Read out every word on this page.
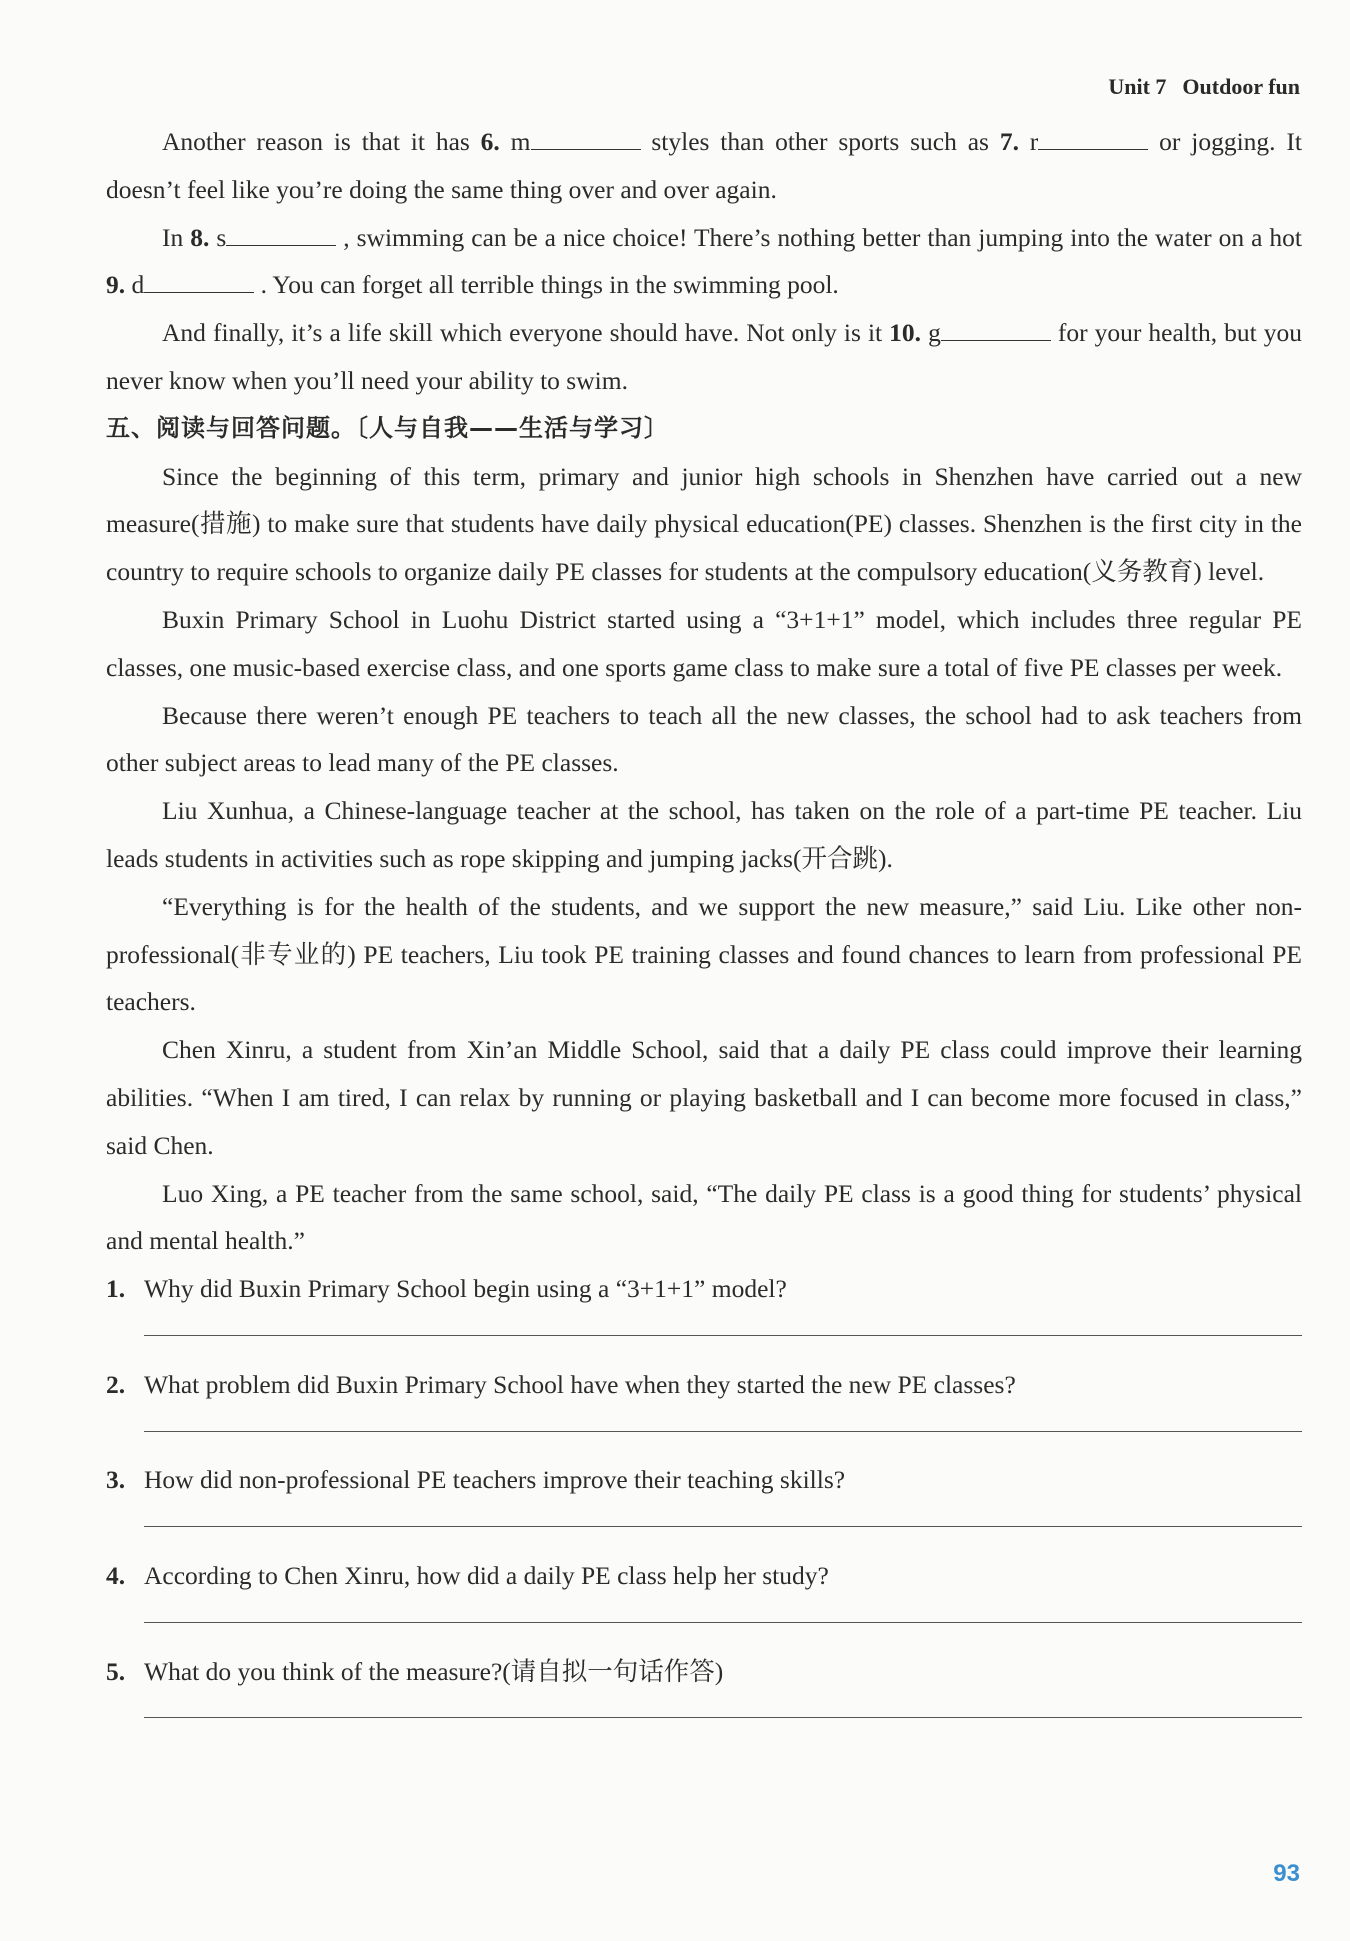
Unit 7 Outdoor fun

Another reason is that it has 6. m	styles than other sports such as 7. r	or jogging. It doesn’t feel like you’re doing the same thing over and over again.

In 8. s	, swimming can be a nice choice! There’s nothing better than jumping into the water on a hot 9. d	. You can forget all terrible things in the swimming pool.

And finally, it’s a life skill which everyone should have. Not only is it 10. g	for your health, but you never know when you’ll need your ability to swim.

五、阅读与回答问题。〔人与自我——生活与学习〕

Since the beginning of this term, primary and junior high schools in Shenzhen have carried out a new measure(措施) to make sure that students have daily physical education(PE) classes. Shenzhen is the first city in the country to require schools to organize daily PE classes for students at the compulsory education(义务教育) level.

Buxin Primary School in Luohu District started using a “3+1+1” model, which includes three regular PE classes, one music-based exercise class, and one sports game class to make sure a total of five PE classes per week.

Because there weren’t enough PE teachers to teach all the new classes, the school had to ask teachers from other subject areas to lead many of the PE classes.

Liu Xunhua, a Chinese-language teacher at the school, has taken on the role of a part-time PE teacher. Liu leads students in activities such as rope skipping and jumping jacks(开合跳).

“Everything is for the health of the students, and we support the new measure,” said Liu. Like other non-professional(非专业的) PE teachers, Liu took PE training classes and found chances to learn from professional PE teachers.

Chen Xinru, a student from Xin’an Middle School, said that a daily PE class could improve their learning abilities. “When I am tired, I can relax by running or playing basketball and I can become more focused in class,” said Chen.

Luo Xing, a PE teacher from the same school, said, “The daily PE class is a good thing for students’ physical and mental health.”

1. Why did Buxin Primary School begin using a “3+1+1” model?
2. What problem did Buxin Primary School have when they started the new PE classes?
3. How did non-professional PE teachers improve their teaching skills?
4. According to Chen Xinru, how did a daily PE class help her study?
5. What do you think of the measure?(请自拟一句话作答)
93
